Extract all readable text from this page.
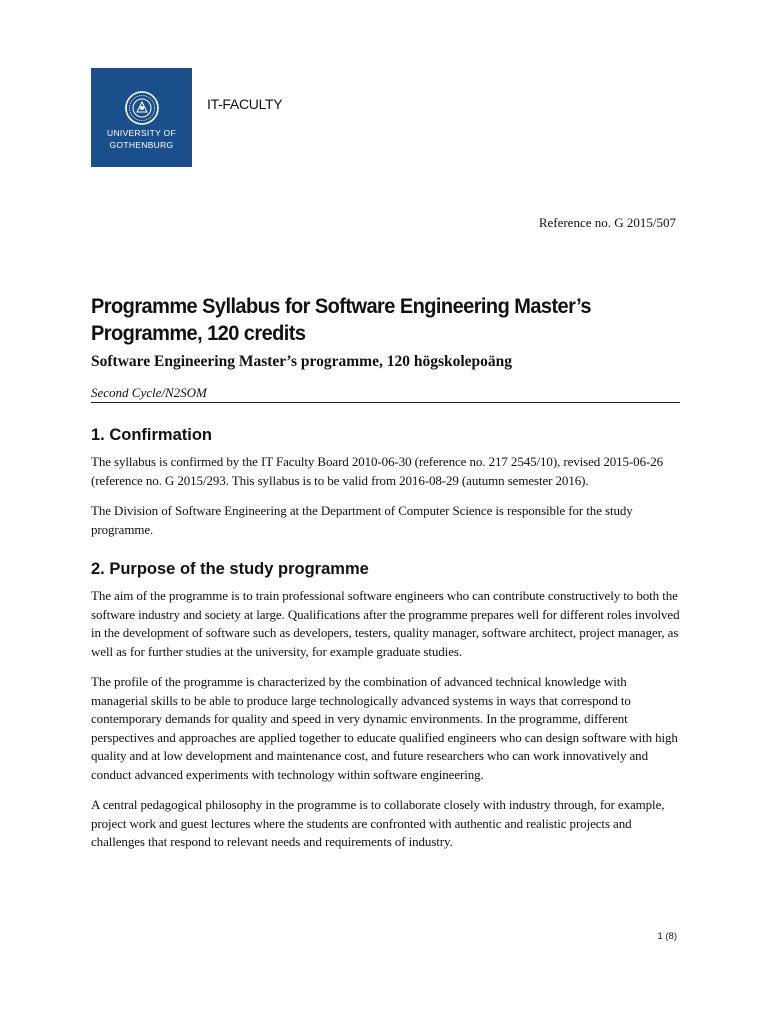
UNIVERSITY OF
GOTHENBURG
IT-FACULTY
Reference no. G 2015/507
Programme Syllabus for Software Engineering Master’s Programme, 120 credits
Software Engineering Master’s programme, 120 högskolepoäng
Second Cycle/N2SOM
1. Confirmation

The syllabus is confirmed by the IT Faculty Board 2010-06-30 (reference no. 217 2545/10), revised 2015-06-26 (reference no. G 2015/293. This syllabus is to be valid from 2016-08-29 (autumn semester 2016).

The Division of Software Engineering at the Department of Computer Science is responsible for the study programme.

2. Purpose of the study programme

The aim of the programme is to train professional software engineers who can contribute constructively to both the software industry and society at large. Qualifications after the programme prepares well for different roles involved in the development of software such as developers, testers, quality manager, software architect, project manager, as well as for further studies at the university, for example graduate studies.

The profile of the programme is characterized by the combination of advanced technical knowledge with managerial skills to be able to produce large technologically advanced systems in ways that correspond to contemporary demands for quality and speed in very dynamic environments. In the programme, different perspectives and approaches are applied together to educate qualified engineers who can design software with high quality and at low development and maintenance cost, and future researchers who can work innovatively and conduct advanced experiments with technology within software engineering.

A central pedagogical philosophy in the programme is to collaborate closely with industry through, for example, project work and guest lectures where the students are confronted with authentic and realistic projects and challenges that respond to relevant needs and requirements of industry.

1 (8)
